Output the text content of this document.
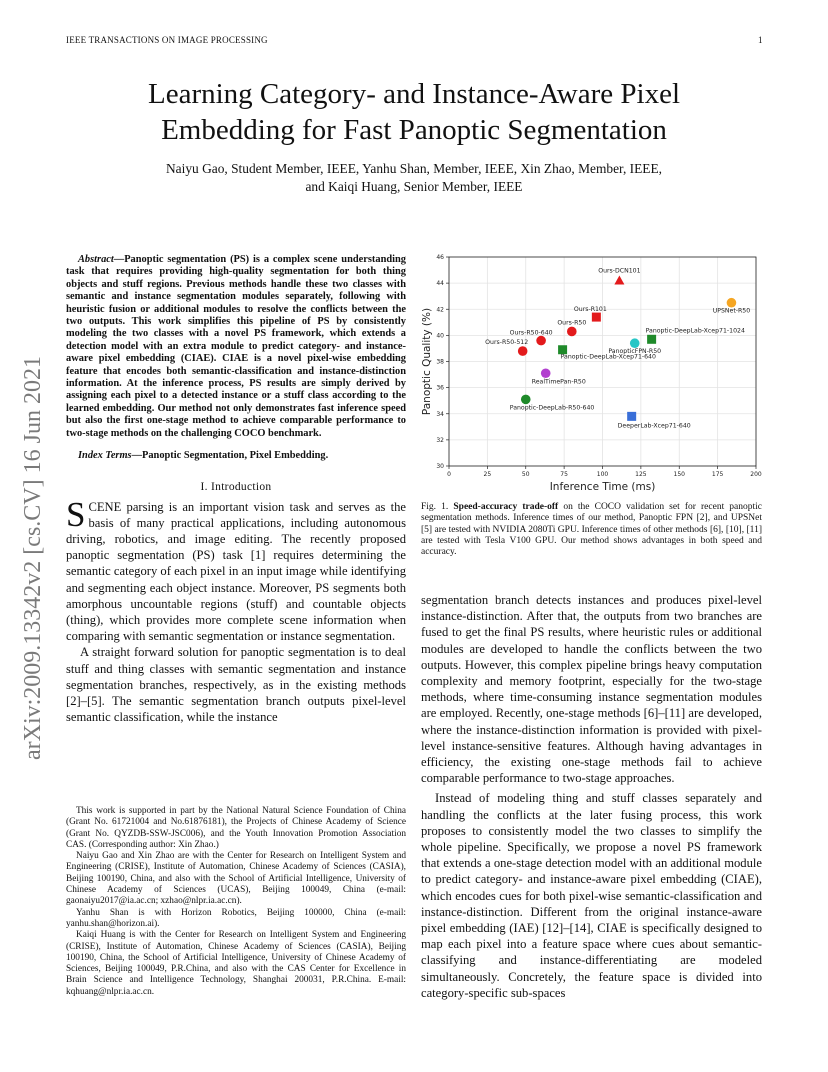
IEEE TRANSACTIONS ON IMAGE PROCESSING	1
arXiv:2009.13342v2 [cs.CV] 16 Jun 2021
Learning Category- and Instance-Aware Pixel
Embedding for Fast Panoptic Segmentation
Naiyu Gao, Student Member, IEEE, Yanhu Shan, Member, IEEE, Xin Zhao, Member, IEEE,
and Kaiqi Huang, Senior Member, IEEE

Abstract—Panoptic segmentation (PS) is a complex scene understanding task that requires providing high-quality segmentation for both thing objects and stuff regions. Previous methods handle these two classes with semantic and instance segmentation modules separately, following with heuristic fusion or additional modules to resolve the conflicts between the two outputs. This work simplifies this pipeline of PS by consistently modeling the two classes with a novel PS framework, which extends a detection model with an extra module to predict category- and instance-aware pixel embedding (CIAE). CIAE is a novel pixel-wise embedding feature that encodes both semantic-classification and instance-distinction information. At the inference process, PS results are simply derived by assigning each pixel to a detected instance or a stuff class according to the learned embedding. Our method not only demonstrates fast inference speed but also the first one-stage method to achieve comparable performance to two-stage methods on the challenging COCO benchmark.

Index Terms—Panoptic Segmentation, Pixel Embedding.

I. Introduction

SCENE parsing is an important vision task and serves as the basis of many practical applications, including autonomous driving, robotics, and image editing. The recently proposed panoptic segmentation (PS) task [1] requires determining the semantic category of each pixel in an input image while identifying and segmenting each object instance. Moreover, PS segments both amorphous uncountable regions (stuff) and countable objects (thing), which provides more complete scene information when comparing with semantic segmentation or instance segmentation.

A straight forward solution for panoptic segmentation is to deal stuff and thing classes with semantic segmentation and instance segmentation branches, respectively, as in the existing methods [2]–[5]. The semantic segmentation branch outputs pixel-level semantic classification, while the instance

This work is supported in part by the National Natural Science Foundation of China (Grant No. 61721004 and No.61876181), the Projects of Chinese Academy of Science (Grant No. QYZDB-SSW-JSC006), and the Youth Innovation Promotion Association CAS. (Corresponding author: Xin Zhao.)

Naiyu Gao and Xin Zhao are with the Center for Research on Intelligent System and Engineering (CRISE), Institute of Automation, Chinese Academy of Sciences (CASIA), Beijing 100190, China, and also with the School of Artificial Intelligence, University of Chinese Academy of Sciences (UCAS), Beijing 100049, China (e-mail: gaonaiyu2017@ia.ac.cn; xzhao@nlpr.ia.ac.cn).

Yanhu Shan is with Horizon Robotics, Beijing 100000, China (e-mail: yanhu.shan@horizon.ai).

Kaiqi Huang is with the Center for Research on Intelligent System and Engineering (CRISE), Institute of Automation, Chinese Academy of Sciences (CASIA), Beijing 100190, China, the School of Artificial Intelligence, University of Chinese Academy of Sciences, Beijing 100049, P.R.China, and also with the CAS Center for Excellence in Brain Science and Intelligence Technology, Shanghai 200031, P.R.China. E-mail: kqhuang@nlpr.ia.ac.cn.

0	25	50	75	100	125	150	175	200
30
32
34
36
38
40
42
44
46
Inference Time (ms)
Panoptic Quality (%)
Ours-DCN101
UPSNet-R50
Ours-R101
Ours-R50
Panoptic-DeepLab-Xcep71-1024
Ours-R50-640
PanopticFPN-R50
Ours-R50-512
Panoptic-DeepLab-Xcep71-640
RealTimePan-R50
Panoptic-DeepLab-R50-640
DeeperLab-Xcep71-640
Fig. 1. Speed-accuracy trade-off on the COCO validation set for recent panoptic segmentation methods. Inference times of our method, Panoptic FPN [2], and UPSNet [5] are tested with NVIDIA 2080Ti GPU. Inference times of other methods [6], [10], [11] are tested with Tesla V100 GPU. Our method shows advantages in both speed and accuracy.

segmentation branch detects instances and produces pixel-level instance-distinction. After that, the outputs from two branches are fused to get the final PS results, where heuristic rules or additional modules are developed to handle the conflicts between the two outputs. However, this complex pipeline brings heavy computation complexity and memory footprint, especially for the two-stage methods, where time-consuming instance segmentation modules are employed. Recently, one-stage methods [6]–[11] are developed, where the instance-distinction information is provided with pixel-level instance-sensitive features. Although having advantages in efficiency, the existing one-stage methods fail to achieve comparable performance to two-stage approaches.

Instead of modeling thing and stuff classes separately and handling the conflicts at the later fusing process, this work proposes to consistently model the two classes to simplify the whole pipeline. Specifically, we propose a novel PS framework that extends a one-stage detection model with an additional module to predict category- and instance-aware pixel embedding (CIAE), which encodes cues for both pixel-wise semantic-classification and instance-distinction. Different from the original instance-aware pixel embedding (IAE) [12]–[14], CIAE is specifically designed to map each pixel into a feature space where cues about semantic-classifying and instance-differentiating are modeled simultaneously. Concretely, the feature space is divided into category-specific sub-spaces
